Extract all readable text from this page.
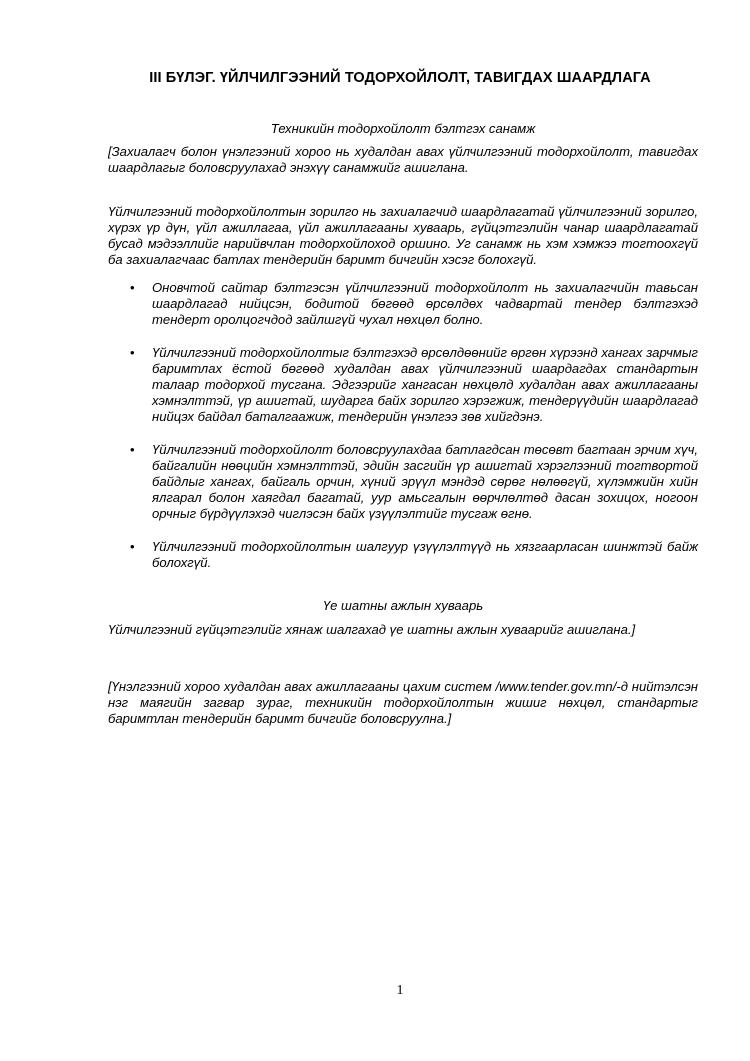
III БҮЛЭГ. ҮЙЛЧИЛГЭЭНИЙ ТОДОРХОЙЛОЛТ, ТАВИГДАХ ШААРДЛАГА

Техникийн тодорхойлолт бэлтгэх санамж

[Захиалагч болон үнэлгээний хороо нь худалдан авах үйлчилгээний тодорхойлолт, тавигдах шаардлагыг боловсруулахад энэхүү санамжийг ашиглана.

Үйлчилгээний тодорхойлолтын зорилго нь захиалагчид шаардлагатай үйлчилгээний зорилго, хүрэх үр дүн, үйл ажиллагаа, үйл ажиллагааны хуваарь, гүйцэтгэлийн чанар шаардлагатай бусад мэдээллийг нарийвчлан тодорхойлоход оршино. Уг санамж нь хэм хэмжээ тогтоохгүй ба захиалагчаас батлах тендерийн баримт бичгийн хэсэг болохгүй.

• Оновчтой сайтар бэлтгэсэн үйлчилгээний тодорхойлолт нь захиалагчийн тавьсан шаардлагад нийцсэн, бодитой бөгөөд өрсөлдөх чадвартай тендер бэлтгэхэд тендерт оролцогчдод зайлшгүй чухал нөхцөл болно.
• Үйлчилгээний тодорхойлолтыг бэлтгэхэд өрсөлдөөнийг өргөн хүрээнд хангах зарчмыг баримтлах ёстой бөгөөд худалдан авах үйлчилгээний шаардагдах стандартын талаар тодорхой тусгана. Эдгээрийг хангасан нөхцөлд худалдан авах ажиллагааны хэмнэлттэй, үр ашигтай, шударга байх зорилго хэрэгжиж, тендерүүдийн шаардлагад нийцэх байдал баталгаажиж, тендерийн үнэлгээ зөв хийгдэнэ.
• Үйлчилгээний тодорхойлолт боловсруулахдаа батлагдсан төсөвт багтаан эрчим хүч, байгалийн нөөцийн хэмнэлттэй, эдийн засгийн үр ашигтай хэрэглээний тогтвортой байдлыг хангах, байгаль орчин, хүний эрүүл мэндэд сөрөг нөлөөгүй, хүлэмжийн хийн ялгарал болон хаягдал багатай, уур амьсгалын өөрчлөлтөд дасан зохицох, ногоон орчныг бүрдүүлэхэд чиглэсэн байх үзүүлэлтийг тусгаж өгнө.
• Үйлчилгээний тодорхойлолтын шалгуур үзүүлэлтүүд нь хязгаарласан шинжтэй байж болохгүй.

Үе шатны ажлын хуваарь

Үйлчилгээний гүйцэтгэлийг хянаж шалгахад үе шатны ажлын хуваарийг ашиглана.]

[Үнэлгээний хороо худалдан авах ажиллагааны цахим систем /www.tender.gov.mn/-д нийтэлсэн нэг маягийн загвар зураг, техникийн тодорхойлолтын жишиг нөхцөл, стандартыг баримтлан тендерийн баримт бичгийг боловсруулна.]

1
